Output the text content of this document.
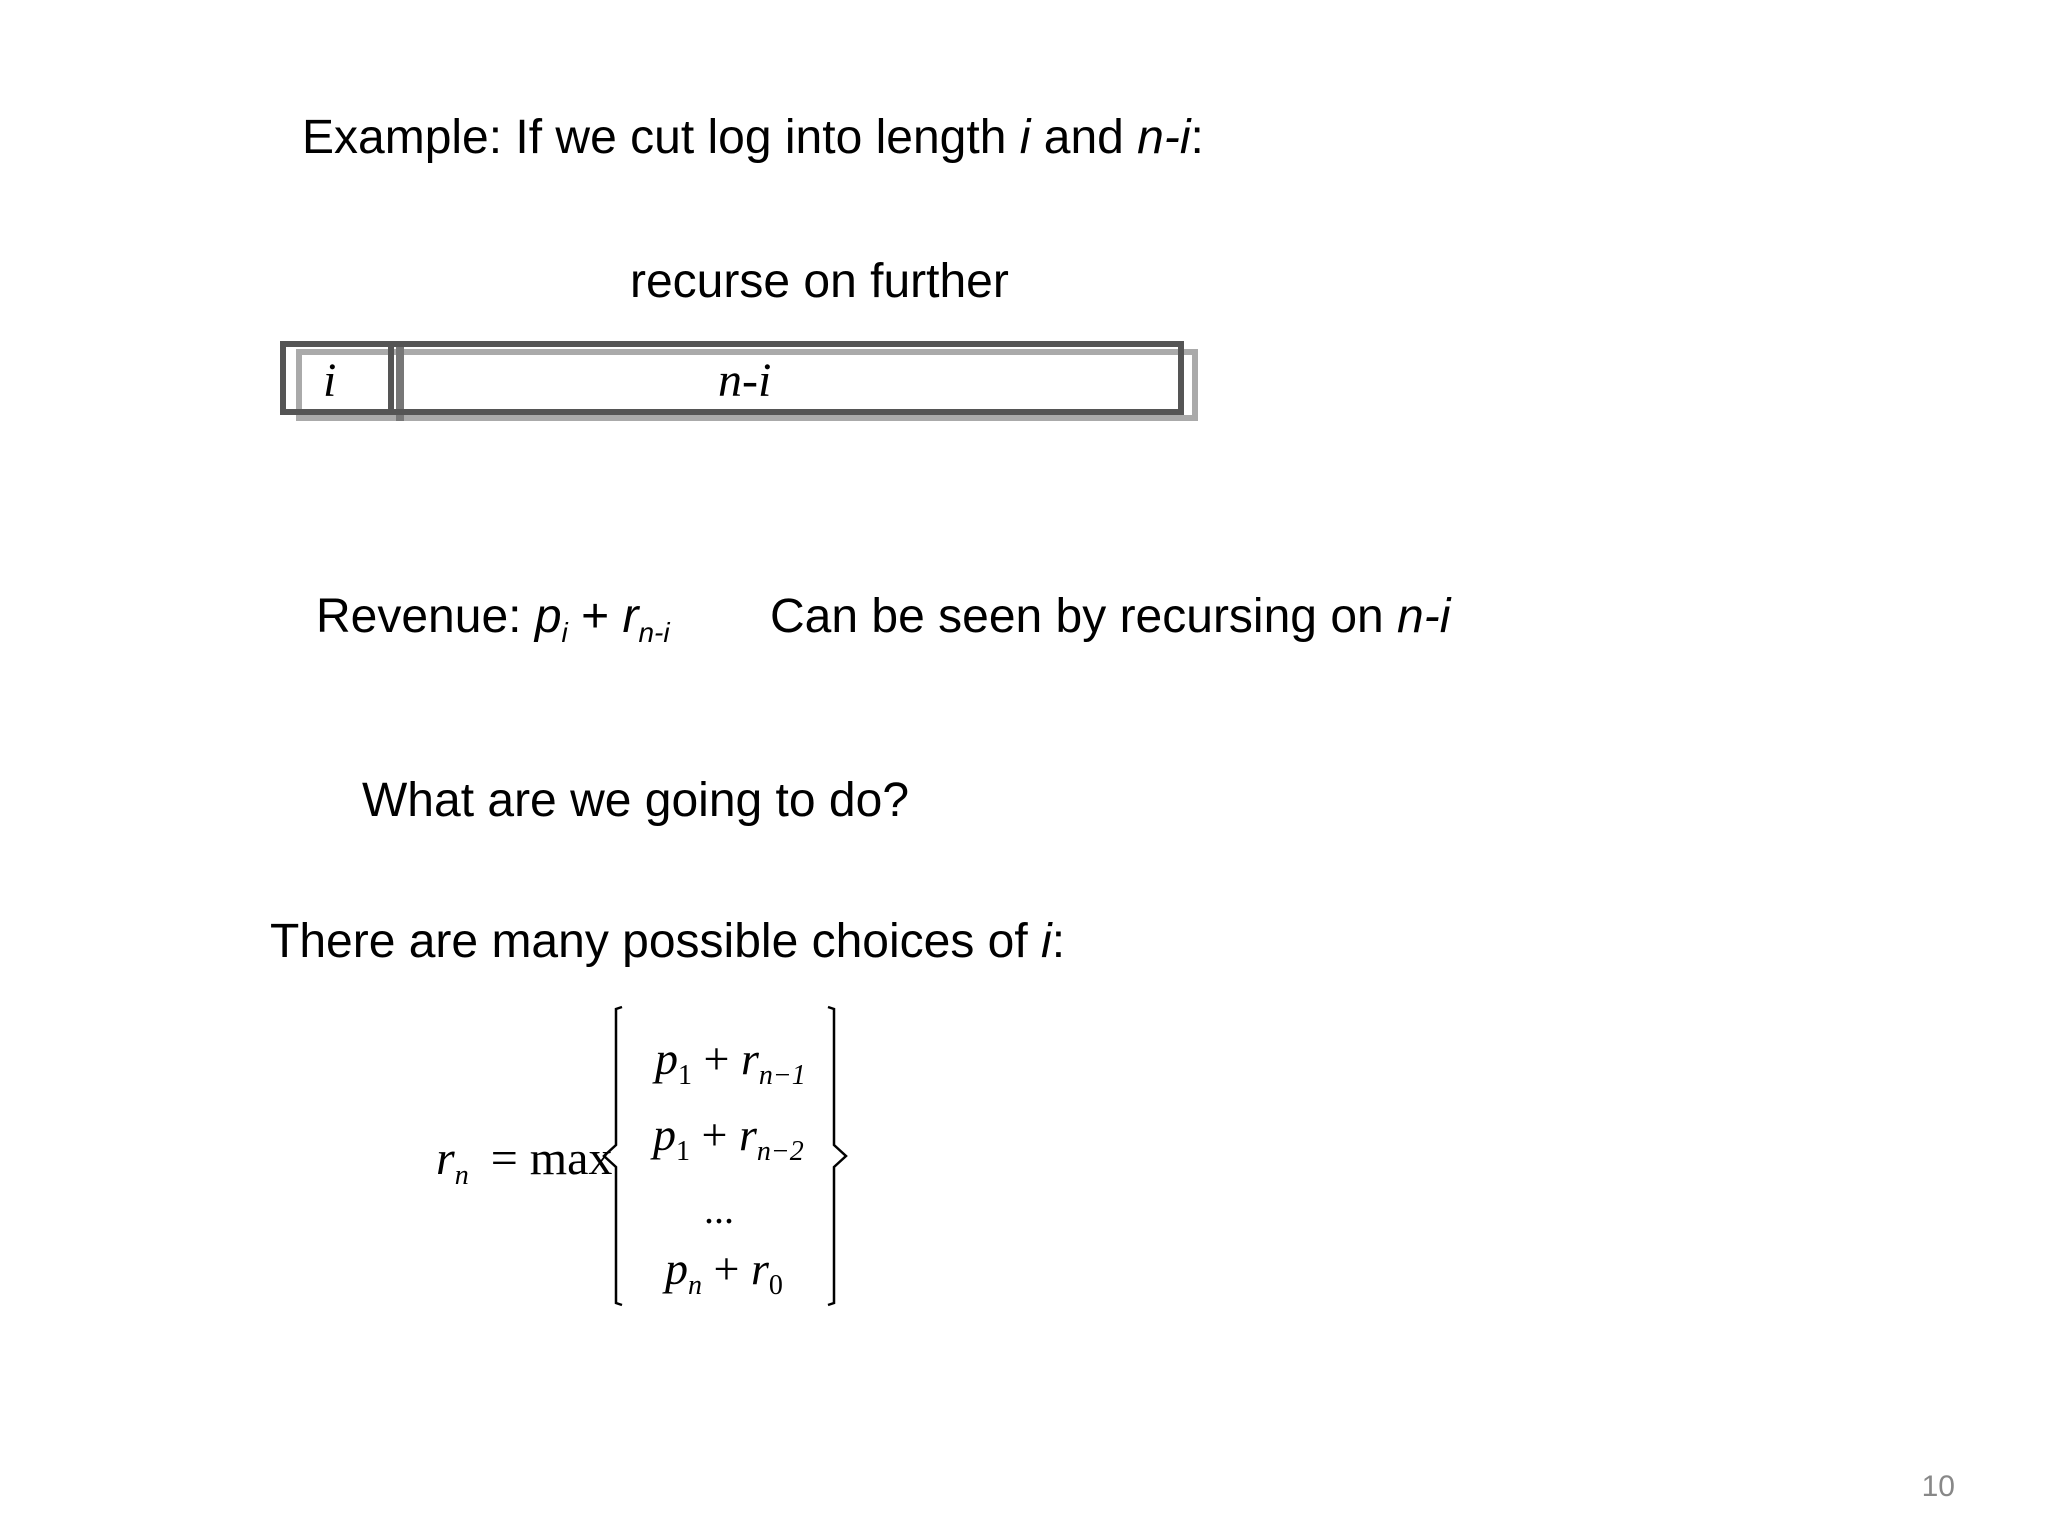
Example: If we cut log into length i and n-i:
recurse on further
i	n-i
Revenue: $p_i + r_{n-i}$ Can be seen by recursing on n-i
What are we going to do?
There are many possible choices of i:
$r_n = \max$
$p_1 + r_{n-1}$
$p_1 + r_{n-2}$
...
$p_n + r_0$
10
